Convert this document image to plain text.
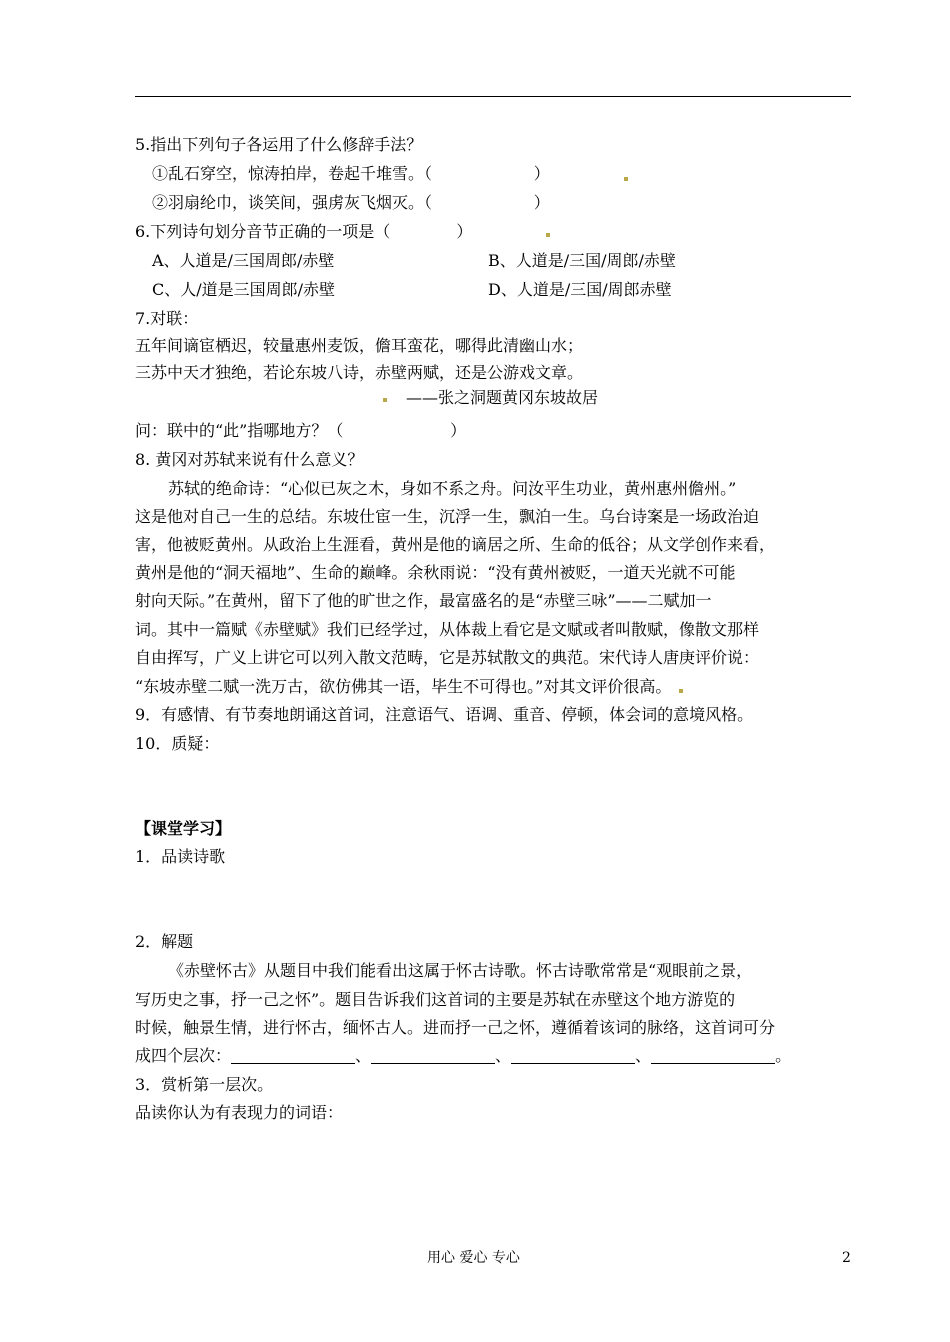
5.指出下列句子各运用了什么修辞手法？
①乱石穿空，惊涛拍岸，卷起千堆雪。（                    ）
②羽扇纶巾，谈笑间，强虏灰飞烟灭。（                    ）
6.下列诗句划分音节正确的一项是（             ）
A、人道是/三国周郎/赤壁	B、人道是/三国/周郎/赤壁
C、人/道是三国周郎/赤壁	D、人道是/三国/周郎赤壁
7.对联：
五年间谪宦栖迟，较量惠州麦饭，儋耳蛮花，哪得此清幽山水；
三苏中天才独绝，若论东坡八诗，赤壁两赋，还是公游戏文章。
——张之洞题黄冈东坡故居
问：联中的“此”指哪地方？（                     ）
8. 黄冈对苏轼来说有什么意义？
苏轼的绝命诗：“心似已灰之木，身如不系之舟。问汝平生功业，黄州惠州儋州。”
这是他对自己一生的总结。东坡仕宦一生，沉浮一生，飘泊一生。乌台诗案是一场政治迫
害，他被贬黄州。从政治上生涯看，黄州是他的谪居之所、生命的低谷；从文学创作来看，
黄州是他的“洞天福地”、生命的巅峰。余秋雨说：“没有黄州被贬，一道天光就不可能
射向天际。”在黄州，留下了他的旷世之作，最富盛名的是“赤壁三咏”——二赋加一
词。其中一篇赋《赤壁赋》我们已经学过，从体裁上看它是文赋或者叫散赋，像散文那样
自由挥写，广义上讲它可以列入散文范畴，它是苏轼散文的典范。宋代诗人唐庚评价说：
“东坡赤壁二赋一洗万古，欲仿佛其一语，毕生不可得也。”对其文评价很高。
9．有感情、有节奏地朗诵这首词，注意语气、语调、重音、停顿，体会词的意境风格。
10．质疑：
【课堂学习】
1．品读诗歌
2．解题
《赤壁怀古》从题目中我们能看出这属于怀古诗歌。怀古诗歌常常是“观眼前之景，
写历史之事，抒一己之怀”。题目告诉我们这首词的主要是苏轼在赤壁这个地方游览的
时候，触景生情，进行怀古，缅怀古人。进而抒一己之怀，遵循着该词的脉络，这首词可分
成四个层次：	、	、	、	。
3．赏析第一层次。
品读你认为有表现力的词语：
用心 爱心 专心	2
